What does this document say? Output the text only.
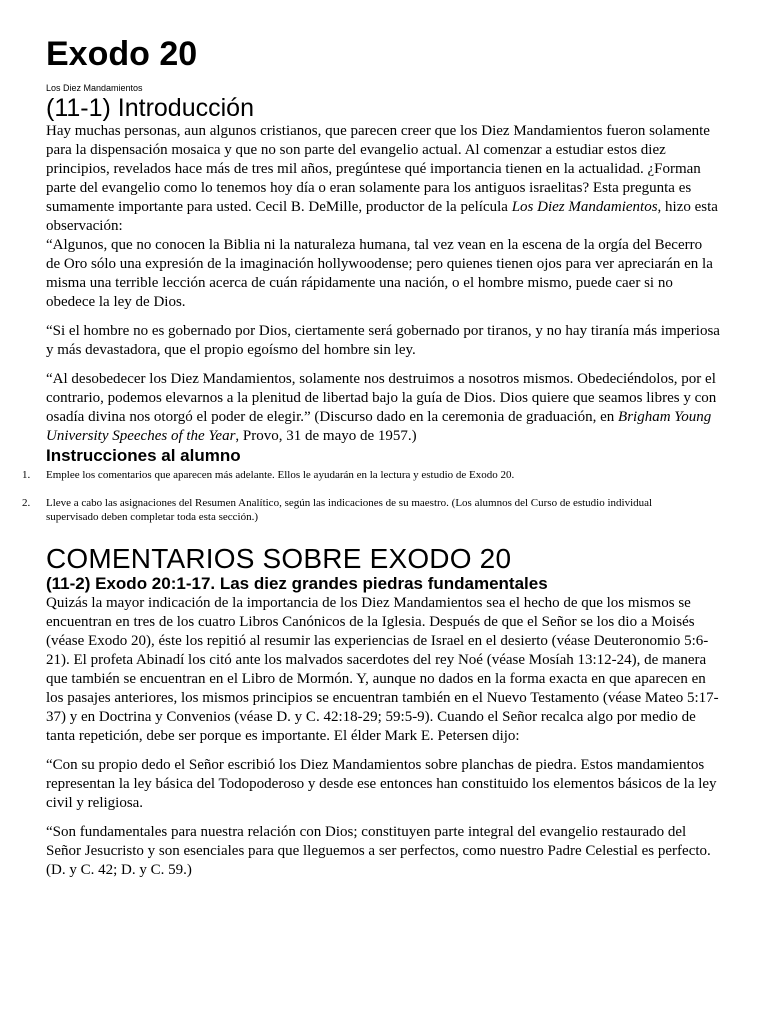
Exodo 20
Los Diez Mandamientos
(11-1) Introducción

Hay muchas personas, aun algunos cristianos, que parecen creer que los Diez Mandamientos fueron solamente para la dispensación mosaica y que no son parte del evangelio actual. Al comenzar a estudiar estos diez principios, revelados hace más de tres mil años, pregúntese qué importancia tienen en la actualidad. ¿Forman parte del evangelio como lo tenemos hoy día o eran solamente para los antiguos israelitas? Esta pregunta es sumamente importante para usted. Cecil B. DeMille, productor de la película Los Diez Mandamientos, hizo esta observación:
“Algunos, que no conocen la Biblia ni la naturaleza humana, tal vez vean en la escena de la orgía del Becerro de Oro sólo una expresión de la imaginación hollywoodense; pero quienes tienen ojos para ver apreciarán en la misma una terrible lección acerca de cuán rápidamente una nación, o el hombre mismo, puede caer si no obedece la ley de Dios.

“Si el hombre no es gobernado por Dios, ciertamente será gobernado por tiranos, y no hay tiranía más imperiosa y más devastadora, que el propio egoísmo del hombre sin ley.

“Al desobedecer los Diez Mandamientos, solamente nos destruimos a nosotros mismos. Obedeciéndolos, por el contrario, podemos elevarnos a la plenitud de libertad bajo la guía de Dios. Dios quiere que seamos libres y con osadía divina nos otorgó el poder de elegir.” (Discurso dado en la ceremonia de graduación, en Brigham Young University Speeches of the Year, Provo, 31 de mayo de 1957.)

Instrucciones al alumno
1. Emplee los comentarios que aparecen más adelante. Ellos le ayudarán en la lectura y estudio de Exodo 20.
2. Lleve a cabo las asignaciones del Resumen Analítico, según las indicaciones de su maestro. (Los alumnos del Curso de estudio individual supervisado deben completar toda esta sección.)
COMENTARIOS SOBRE EXODO 20
(11-2) Exodo 20:1-17. Las diez grandes piedras fundamentales

Quizás la mayor indicación de la importancia de los Diez Mandamientos sea el hecho de que los mismos se encuentran en tres de los cuatro Libros Canónicos de la Iglesia. Después de que el Señor se los dio a Moisés (véase Exodo 20), éste los repitió al resumir las experiencias de Israel en el desierto (véase Deuteronomio 5:6-21). El profeta Abinadí los citó ante los malvados sacerdotes del rey Noé (véase Mosíah 13:12-24), de manera que también se encuentran en el Libro de Mormón. Y, aunque no dados en la forma exacta en que aparecen en los pasajes anteriores, los mismos principios se encuentran también en el Nuevo Testamento (véase Mateo 5:17-37) y en Doctrina y Convenios (véase D. y C. 42:18-29; 59:5-9). Cuando el Señor recalca algo por medio de tanta repetición, debe ser porque es importante. El élder Mark E. Petersen dijo:

“Con su propio dedo el Señor escribió los Diez Mandamientos sobre planchas de piedra. Estos mandamientos representan la ley básica del Todopoderoso y desde ese entonces han constituido los elementos básicos de la ley civil y religiosa.

“Son fundamentales para nuestra relación con Dios; constituyen parte integral del evangelio restaurado del Señor Jesucristo y son esenciales para que lleguemos a ser perfectos, como nuestro Padre Celestial es perfecto. (D. y C. 42; D. y C. 59.)
